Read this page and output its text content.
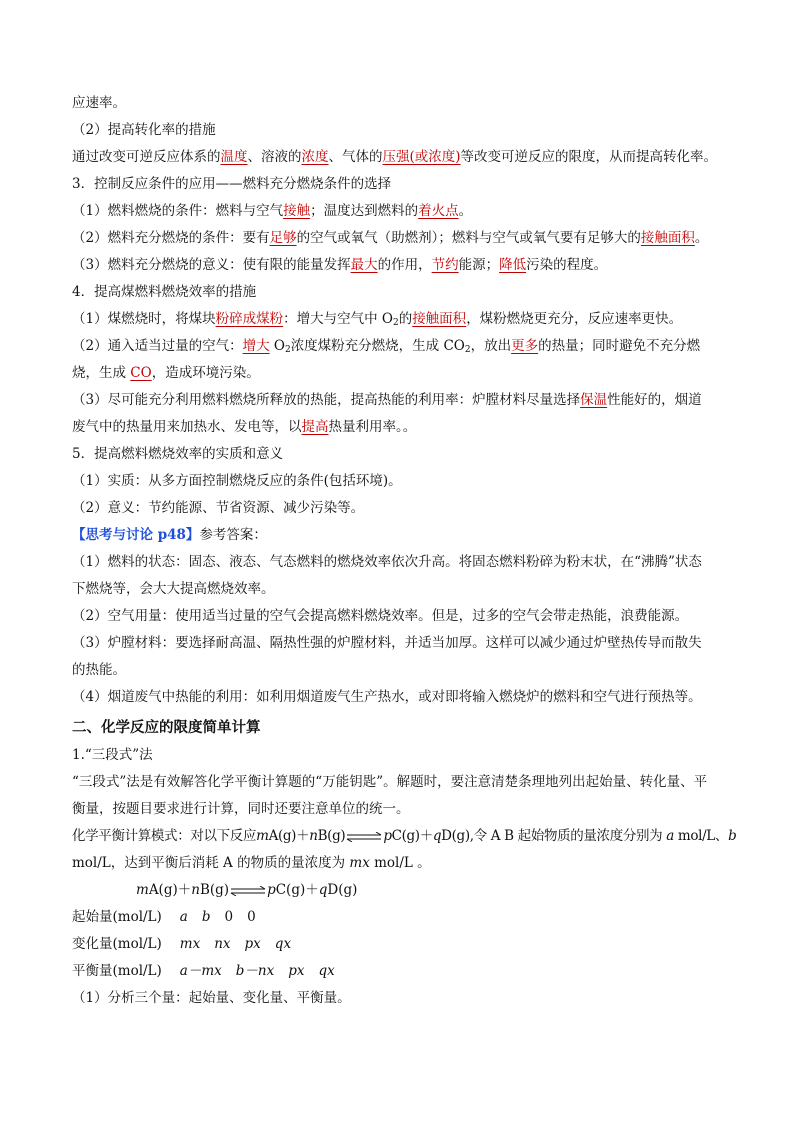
应速率。
（2）提高转化率的措施
通过改变可逆反应体系的温度、溶液的浓度、气体的压强(或浓度)等改变可逆反应的限度，从而提高转化率。
3．控制反应条件的应用——燃料充分燃烧条件的选择
（1）燃料燃烧的条件：燃料与空气接触；温度达到燃料的着火点。
（2）燃料充分燃烧的条件：要有足够的空气或氧气（助燃剂）；燃料与空气或氧气要有足够大的接触面积。
（3）燃料充分燃烧的意义：使有限的能量发挥最大的作用，节约能源；降低污染的程度。
4．提高煤燃料燃烧效率的措施
（1）煤燃烧时，将煤块粉碎成煤粉：增大与空气中 $O_2$的接触面积，煤粉燃烧更充分，反应速率更快。
（2）通入适当过量的空气：增大 $O_2$浓度煤粉充分燃烧，生成 $CO_2$，放出更多的热量；同时避免不充分燃
烧，生成 CO，造成环境污染。
（3）尽可能充分利用燃料燃烧所释放的热能，提高热能的利用率：炉膛材料尽量选择保温性能好的，烟道
废气中的热量用来加热水、发电等，以提高热量利用率。。
5．提高燃料燃烧效率的实质和意义
（1）实质：从多方面控制燃烧反应的条件(包括环境)。
（2）意义：节约能源、节省资源、减少污染等。
【思考与讨论 p48】参考答案：
（1）燃料的状态：固态、液态、气态燃料的燃烧效率依次升高。将固态燃料粉碎为粉末状，在“沸腾”状态
下燃烧等，会大大提高燃烧效率。
（2）空气用量：使用适当过量的空气会提高燃料燃烧效率。但是，过多的空气会带走热能，浪费能源。
（3）炉膛材料：要选择耐高温、隔热性强的炉膛材料，并适当加厚。这样可以减少通过炉壁热传导而散失
的热能。
（4）烟道废气中热能的利用：如利用烟道废气生产热水，或对即将输入燃烧炉的燃料和空气进行预热等。
二、化学反应的限度简单计算
1.“三段式”法
“三段式”法是有效解答化学平衡计算题的“万能钥匙”。解题时，要注意清楚条理地列出起始量、转化量、平
衡量，按题目要求进行计算，同时还要注意单位的统一。
化学平衡计算模式：对以下反应mA(g)＋nB(g)⇌pC(g)＋qD(g),令 A B 起始物质的量浓度分别为 a mol/L、b
mol/L，达到平衡后消耗 A 的物质的量浓度为 mx mol/L 。
mA(g)＋nB(g)⇌pC(g)＋qD(g)
起始量(mol/L) a b 0 0
变化量(mol/L) mx nx px qx
平衡量(mol/L) a－mx b－nx px qx
（1）分析三个量：起始量、变化量、平衡量。
